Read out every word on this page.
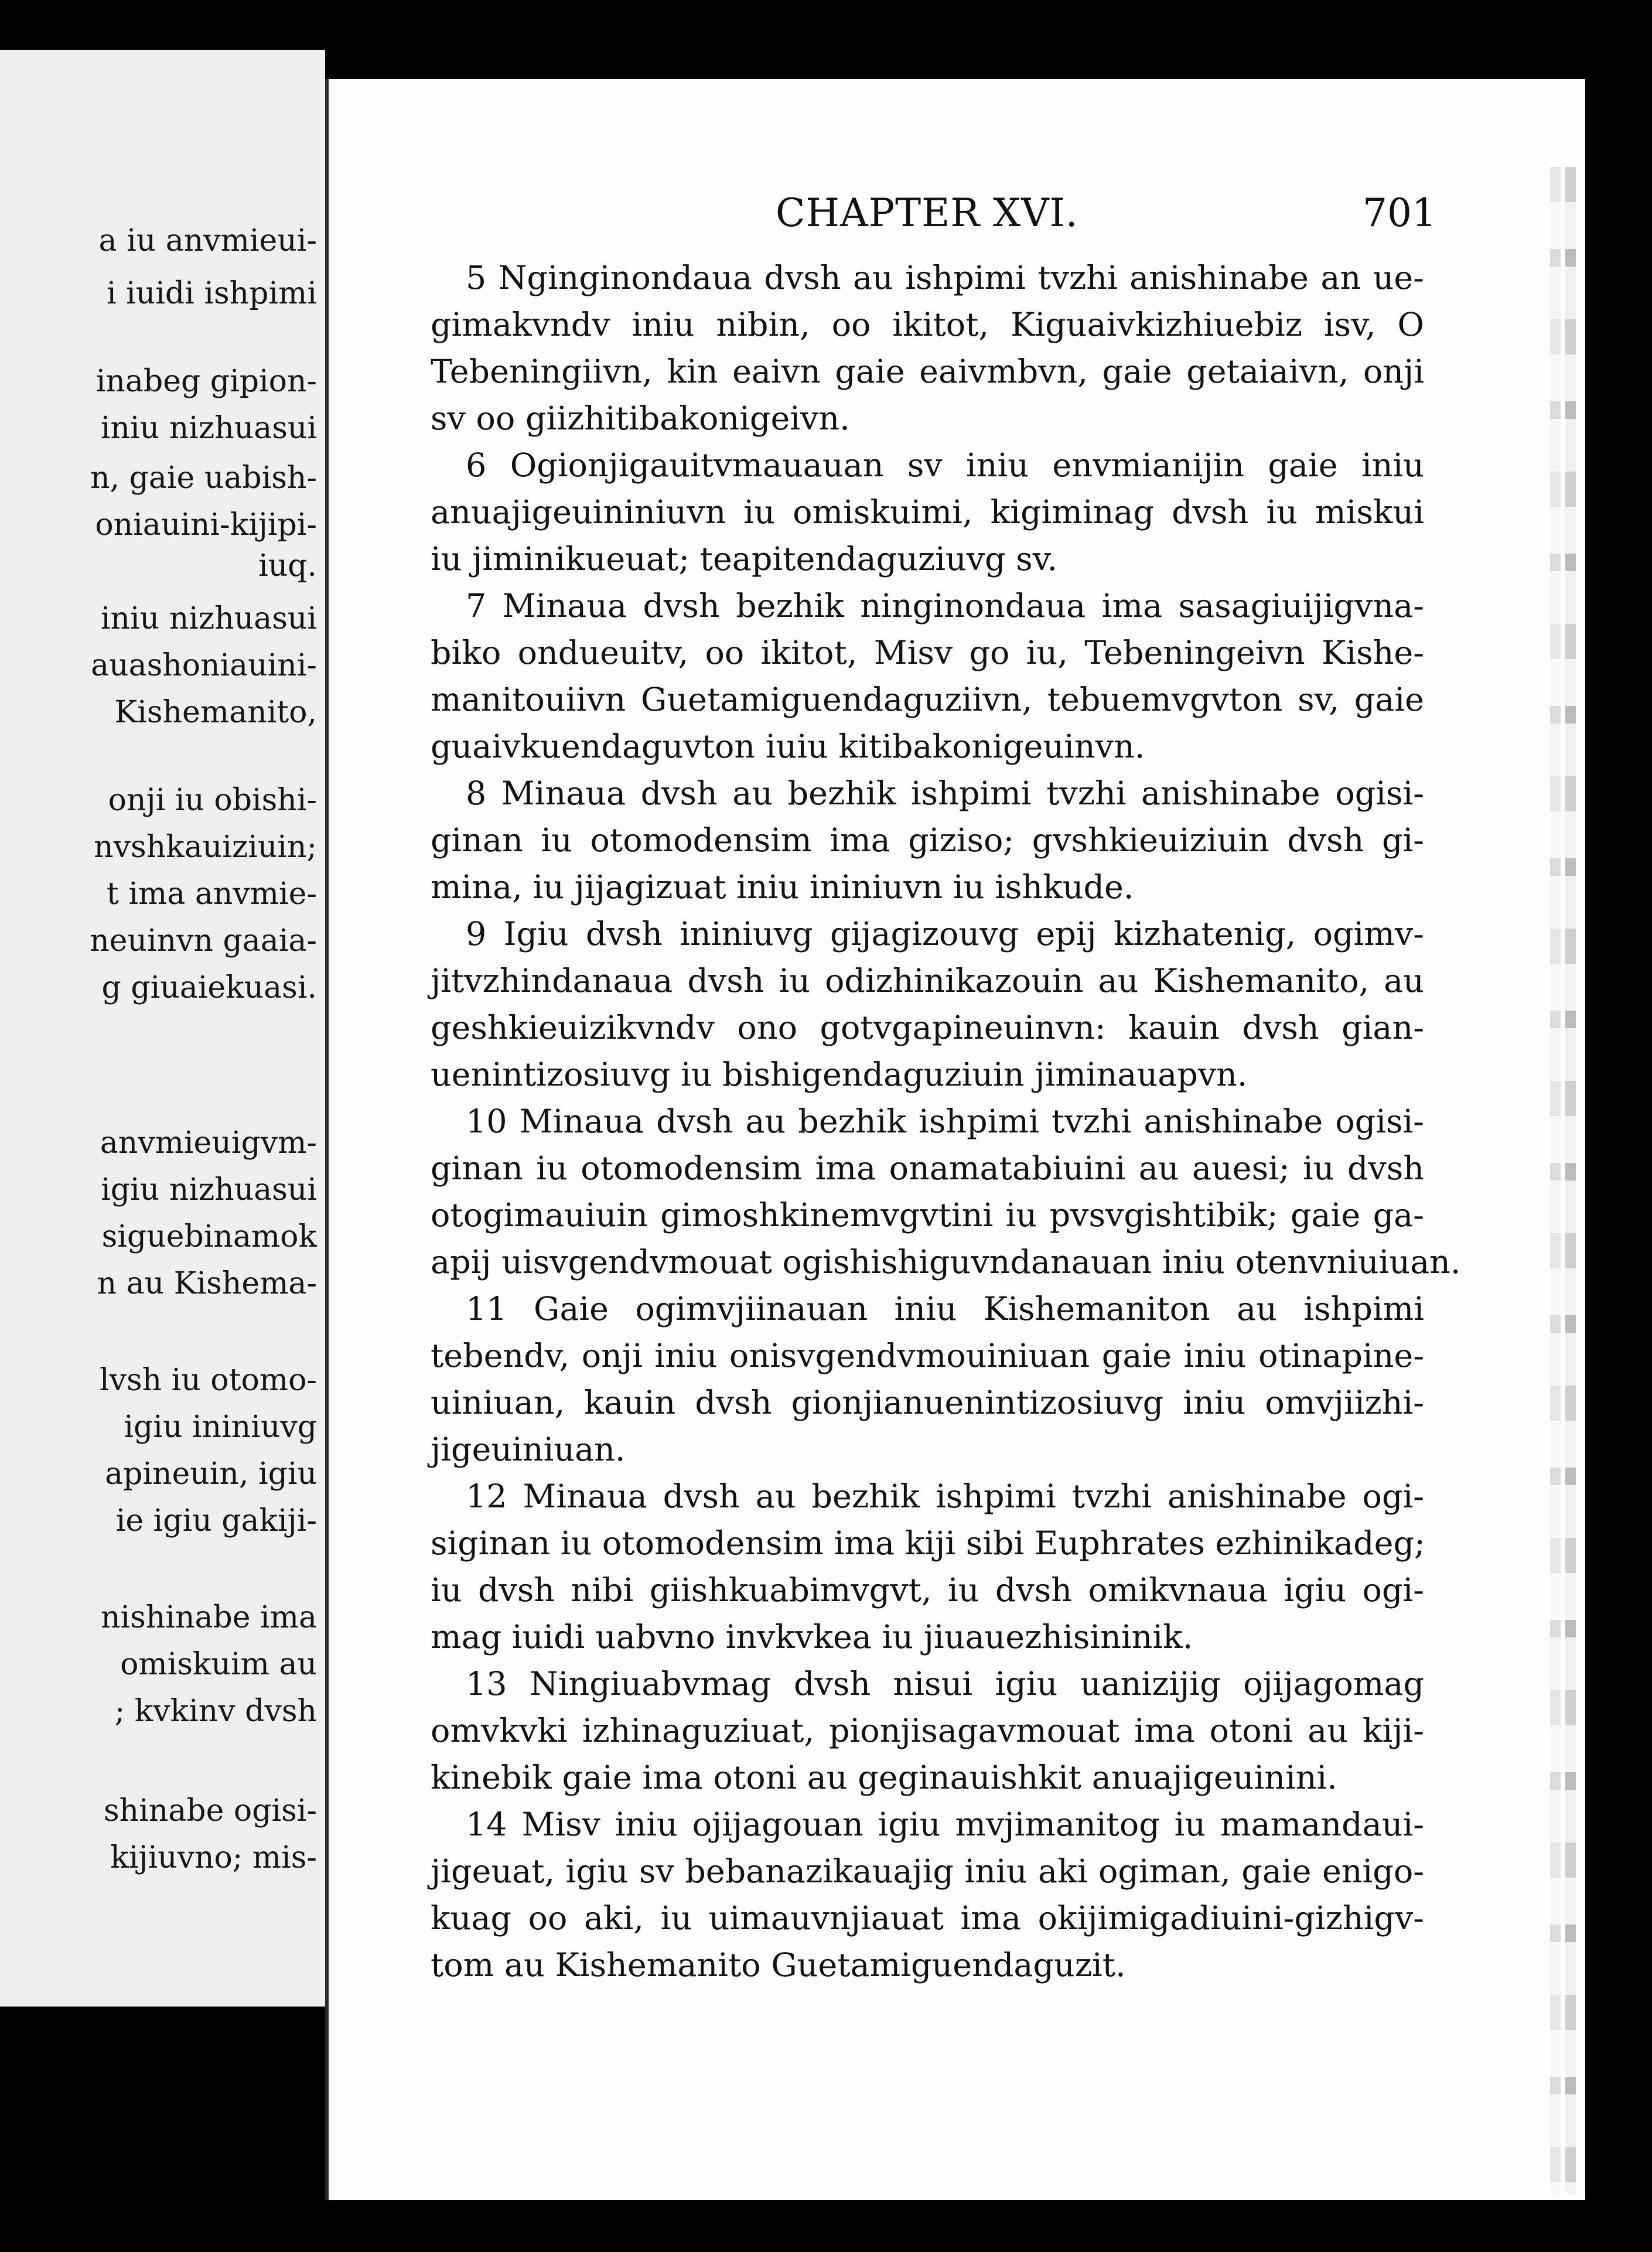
a iu anvmieui-
i iuidi ishpimi
inabeg gipion-
iniu nizhuasui
n, gaie uabish-
oniauini-kijipi-
iuq.
iniu nizhuasui
auashoniauini-
Kishemanito,
onji iu obishi-
nvshkauiziuin;
t ima anvmie-
neuinvn gaaia-
g giuaiekuasi.
anvmieuigvm-
igiu nizhuasui
siguebinamok
n au Kishema-
lvsh iu otomo-
igiu ininiuvg
apineuin, igiu
ie igiu gakiji-
nishinabe ima
omiskuim au
; kvkinv dvsh
shinabe ogisi-
kijiuvno; mis-
CHAPTER XVI.	701
5 Nginginondaua dvsh au ishpimi tvzhi anishinabe an ue-
gimakvndv iniu nibin, oo ikitot, Kiguaivkizhiuebiz isv, O
Tebeningiivn, kin eaivn gaie eaivmbvn, gaie getaiaivn, onji
sv oo giizhitibakonigeivn.
6 Ogionjigauitvmauauan sv iniu envmianijin gaie iniu
anuajigeuininiuvn iu omiskuimi, kigiminag dvsh iu miskui
iu jiminikueuat; teapitendaguziuvg sv.
7 Minaua dvsh bezhik ninginondaua ima sasagiuijigvna-
biko ondueuitv, oo ikitot, Misv go iu, Tebeningeivn Kishe-
manitouiivn Guetamiguendaguziivn, tebuemvgvton sv, gaie
guaivkuendaguvton iuiu kitibakonigeuinvn.
8 Minaua dvsh au bezhik ishpimi tvzhi anishinabe ogisi-
ginan iu otomodensim ima giziso; gvshkieuiziuin dvsh gi-
mina, iu jijagizuat iniu ininiuvn iu ishkude.
9 Igiu dvsh ininiuvg gijagizouvg epij kizhatenig, ogimv-
jitvzhindanaua dvsh iu odizhinikazouin au Kishemanito, au
geshkieuizikvndv ono gotvgapineuinvn: kauin dvsh gian-
uenintizosiuvg iu bishigendaguziuin jiminauapvn.
10 Minaua dvsh au bezhik ishpimi tvzhi anishinabe ogisi-
ginan iu otomodensim ima onamatabiuini au auesi; iu dvsh
otogimauiuin gimoshkinemvgvtini iu pvsvgishtibik; gaie ga-
apij uisvgendvmouat ogishishiguvndanauan iniu otenvniuiuan.
11 Gaie ogimvjiinauan iniu Kishemaniton au ishpimi
tebendv, onji iniu onisvgendvmouiniuan gaie iniu otinapine-
uiniuan, kauin dvsh gionjianuenintizosiuvg iniu omvjiizhi-
jigeuiniuan.
12 Minaua dvsh au bezhik ishpimi tvzhi anishinabe ogi-
siginan iu otomodensim ima kiji sibi Euphrates ezhinikadeg;
iu dvsh nibi giishkuabimvgvt, iu dvsh omikvnaua igiu ogi-
mag iuidi uabvno invkvkea iu jiuauezhisininik.
13 Ningiuabvmag dvsh nisui igiu uanizijig ojijagomag
omvkvki izhinaguziuat, pionjisagavmouat ima otoni au kiji-
kinebik gaie ima otoni au geginauishkit anuajigeuinini.
14 Misv iniu ojijagouan igiu mvjimanitog iu mamandaui-
jigeuat, igiu sv bebanazikauajig iniu aki ogiman, gaie enigo-
kuag oo aki, iu uimauvnjiauat ima okijimigadiuini-gizhigv-
tom au Kishemanito Guetamiguendaguzit.
